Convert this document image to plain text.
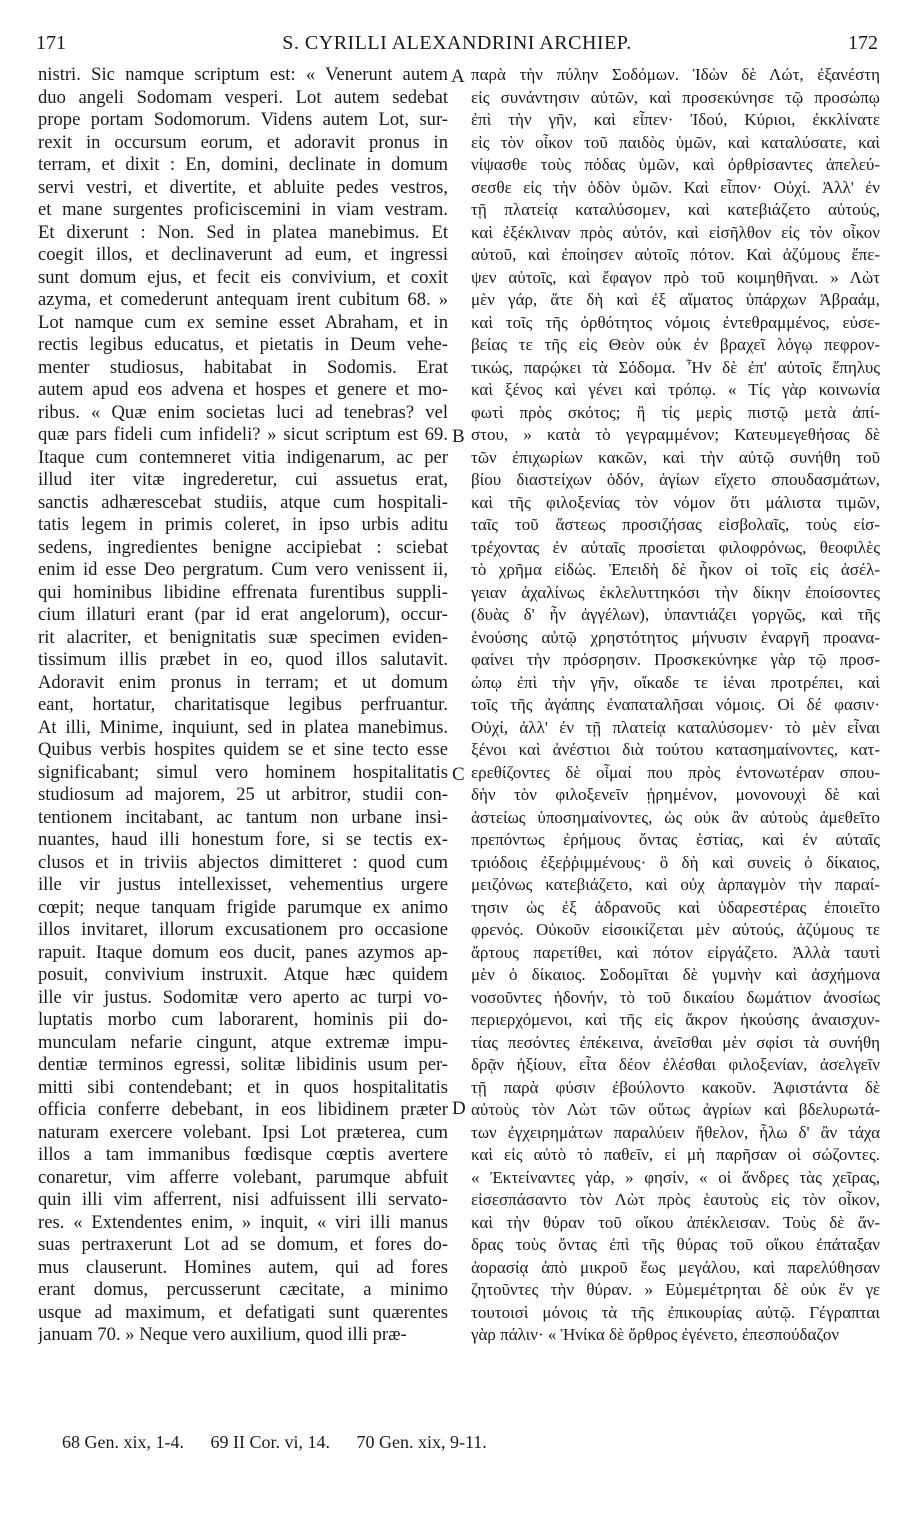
S. CYRILLI ALEXANDRINI ARCHIEP.
171	172
nistri. Sic namque scriptum est: « Venerunt autem
duo angeli Sodomam vesperi. Lot autem sedebat
prope portam Sodomorum. Videns autem Lot, sur-
rexit in occursum eorum, et adoravit pronus in
terram, et dixit : En, domini, declinate in domum
servi vestri, et divertite, et abluite pedes vestros,
et mane surgentes proficiscemini in viam vestram.
Et dixerunt : Non. Sed in platea manebimus. Et
coegit illos, et declinaverunt ad eum, et ingressi
sunt domum ejus, et fecit eis convivium, et coxit
azyma, et comederunt antequam irent cubitum 68. »
Lot namque cum ex semine esset Abraham, et in
rectis legibus educatus, et pietatis in Deum vehe-
menter studiosus, habitabat in Sodomis. Erat
autem apud eos advena et hospes et genere et mo-
ribus. « Quæ enim societas luci ad tenebras? vel
quæ pars fideli cum infideli? » sicut scriptum est 69.
Itaque cum contemneret vitia indigenarum, ac per
illud iter vitæ ingrederetur, cui assuetus erat,
sanctis adhærescebat studiis, atque cum hospitali-
tatis legem in primis coleret, in ipso urbis aditu
sedens, ingredientes benigne accipiebat : sciebat
enim id esse Deo pergratum. Cum vero venissent ii,
qui hominibus libidine effrenata furentibus suppli-
cium illaturi erant (par id erat angelorum), occur-
rit alacriter, et benignitatis suæ specimen eviden-
tissimum illis præbet in eo, quod illos salutavit.
Adoravit enim pronus in terram; et ut domum
eant, hortatur, charitatisque legibus perfruantur.
At illi, Minime, inquiunt, sed in platea manebimus.
Quibus verbis hospites quidem se et sine tecto esse
significabant; simul vero hominem hospitalitatis
studiosum ad majorem, 25 ut arbitror, studii con-
tentionem incitabant, ac tantum non urbane insi-
nuantes, haud illi honestum fore, si se tectis ex-
clusos et in triviis abjectos dimitteret : quod cum
ille vir justus intellexisset, vehementius urgere
cœpit; neque tanquam frigide parumque ex animo
illos invitaret, illorum excusationem pro occasione
rapuit. Itaque domum eos ducit, panes azymos ap-
posuit, convivium instruxit. Atque hæc quidem
ille vir justus. Sodomitæ vero aperto ac turpi vo-
luptatis morbo cum laborarent, hominis pii do-
munculam nefarie cingunt, atque extremæ impu-
dentiæ terminos egressi, solitæ libidinis usum per-
mitti sibi contendebant; et in quos hospitalitatis
officia conferre debebant, in eos libidinem præter
naturam exercere volebant. Ipsi Lot præterea, cum
illos a tam immanibus fœdisque cœptis avertere
conaretur, vim afferre volebant, parumque abfuit
quin illi vim afferrent, nisi adfuissent illi servato-
res. « Extendentes enim, » inquit, « viri illi manus
suas pertraxerunt Lot ad se domum, et fores do-
mus clauserunt. Homines autem, qui ad fores
erant domus, percusserunt cæcitate, a minimo
usque ad maximum, et defatigati sunt quærentes
januam 70. » Neque vero auxilium, quod illi præ-
παρὰ τὴν πύλην Σοδόμων. Ἰδὼν δὲ Λώτ, ἐξανέστη
εἰς συνάντησιν αὐτῶν, καὶ προσεκύνησε τῷ προσώπῳ
ἐπὶ τὴν γῆν, καὶ εἶπεν· Ἰδού, Κύριοι, ἐκκλίνατε
εἰς τὸν οἶκον τοῦ παιδὸς ὑμῶν, καὶ καταλύσατε, καὶ
νίψασθε τοὺς πόδας ὑμῶν, καὶ ὀρθρίσαντες ἀπελεύ-
σεσθε εἰς τὴν ὁδὸν ὑμῶν. Καὶ εἶπον· Οὐχί. Ἀλλ' ἐν
τῇ πλατείᾳ καταλύσομεν, καὶ κατεβιάζετο αὐτούς,
καὶ ἐξέκλιναν πρὸς αὐτόν, καὶ εἰσῆλθον εἰς τὸν οἶκον
αὐτοῦ, καὶ ἐποίησεν αὐτοῖς πότον. Καὶ ἀζύμους ἔπε-
ψεν αὐτοῖς, καὶ ἔφαγον πρὸ τοῦ κοιμηθῆναι. » Λὼτ
μὲν γάρ, ἅτε δὴ καὶ ἐξ αἵματος ὑπάρχων Ἀβραάμ,
καὶ τοῖς τῆς ὀρθότητος νόμοις ἐντεθραμμένος, εὐσε-
βείας τε τῆς εἰς Θεὸν οὐκ ἐν βραχεῖ λόγῳ πεφρον-
τικώς, παρῴκει τὰ Σόδομα. Ἦν δὲ ἐπ' αὐτοῖς ἔπηλυς
καὶ ξένος καὶ γένει καὶ τρόπῳ. « Τίς γὰρ κοινωνία
φωτὶ πρὸς σκότος; ἢ τίς μερὶς πιστῷ μετὰ ἀπί-
στου, » κατὰ τὸ γεγραμμένον; Κατευμεγεθήσας δὲ
τῶν ἐπιχωρίων κακῶν, καὶ τὴν αὐτῷ συνήθη τοῦ
βίου διαστείχων ὁδόν, ἁγίων εἴχετο σπουδασμάτων,
καὶ τῆς φιλοξενίας τὸν νόμον ὅτι μάλιστα τιμῶν,
ταῖς τοῦ ἄστεως προσιζήσας εἰσβολαῖς, τοὺς εἰσ-
τρέχοντας ἐν αὐταῖς προσίεται φιλοφρόνως, θεοφιλὲς
τὸ χρῆμα εἰδώς. Ἐπειδὴ δὲ ἧκον οἱ τοῖς εἰς ἀσέλ-
γειαν ἀχαλίνως ἐκλελυττηκόσι τὴν δίκην ἐποίσοντες
(δυὰς δ' ἦν ἀγγέλων), ὑπαντιάζει γοργῶς, καὶ τῆς
ἐνούσης αὐτῷ χρηστότητος μήνυσιν ἐναργῆ προανα-
φαίνει τὴν πρόσρησιν. Προσκεκύνηκε γὰρ τῷ προσ-
ώπῳ ἐπὶ τὴν γῆν, οἴκαδε τε ἰέναι προτρέπει, καὶ
τοῖς τῆς ἀγάπης ἐναπαταλῆσαι νόμοις. Οἱ δέ φασιν·
Οὐχί, ἀλλ' ἐν τῇ πλατείᾳ καταλύσομεν· τὸ μὲν εἶναι
ξένοι καὶ ἀνέστιοι διὰ τούτου κατασημαίνοντες, κατ-
ερεθίζοντες δὲ οἶμαί που πρὸς ἐντονωτέραν σπου-
δὴν τὸν φιλοξενεῖν ᾑρημένον, μονονουχὶ δὲ καὶ
ἀστείως ὑποσημαίνοντες, ὡς οὐκ ἂν αὐτοὺς ἀμεθεῖτο
πρεπόντως ἐρήμους ὄντας ἑστίας, καὶ ἐν αὐταῖς
τριόδοις ἐξεῤῥιμμένους· ὃ δὴ καὶ συνεὶς ὁ δίκαιος,
μειζόνως κατεβιάζετο, καὶ οὐχ ἁρπαγμὸν τὴν παραί-
τησιν ὡς ἐξ ἀδρανοῦς καὶ ὑδαρεστέρας ἐποιεῖτο
φρενός. Οὐκοῦν εἰσοικίζεται μὲν αὐτούς, ἀζύμους τε
ἄρτους παρετίθει, καὶ πότον εἰργάζετο. Ἀλλὰ ταυτὶ
μὲν ὁ δίκαιος. Σοδομῖται δὲ γυμνὴν καὶ ἀσχήμονα
νοσοῦντες ἡδονήν, τὸ τοῦ δικαίου δωμάτιον ἀνοσίως
περιερχόμενοι, καὶ τῆς εἰς ἄκρον ἡκούσης ἀναισχυν-
τίας πεσόντες ἐπέκεινα, ἀνεῖσθαι μὲν σφίσι τὰ συνήθη
δρᾷν ἠξίουν, εἶτα δέον ἐλέσθαι φιλοξενίαν, ἀσελγεῖν
τῇ παρὰ φύσιν ἐβούλοντο κακοῦν. Ἀφιστάντα δὲ
αὐτοὺς τὸν Λὼτ τῶν οὕτως ἀγρίων καὶ βδελυρωτά-
των ἐγχειρημάτων παραλύειν ἤθελον, ἧλω δ' ἂν τάχα
καὶ εἰς αὐτὸ τὸ παθεῖν, εἰ μὴ παρῆσαν οἱ σώζοντες.
« Ἐκτείναντες γάρ, » φησίν, « οἱ ἄνδρες τὰς χεῖρας,
εἰσεσπάσαντο τὸν Λὼτ πρὸς ἑαυτοὺς εἰς τὸν οἶκον,
καὶ τὴν θύραν τοῦ οἴκου ἀπέκλεισαν. Τοὺς δὲ ἄν-
δρας τοὺς ὄντας ἐπὶ τῆς θύρας τοῦ οἴκου ἐπάταξαν
ἀορασίᾳ ἀπὸ μικροῦ ἕως μεγάλου, καὶ παρελύθησαν
ζητοῦντες τὴν θύραν. » Εὐμεμέτρηται δὲ οὐκ ἔν γε
τουτοισὶ μόνοις τὰ τῆς ἐπικουρίας αὐτῷ. Γέγραπται
γὰρ πάλιν· « Ἡνίκα δὲ ὄρθρος ἐγένετο, ἐπεσπούδαζον
A
B
C
D
68 Gen. xix, 1-4. 69 II Cor. vi, 14. 70 Gen. xix, 9-11.
